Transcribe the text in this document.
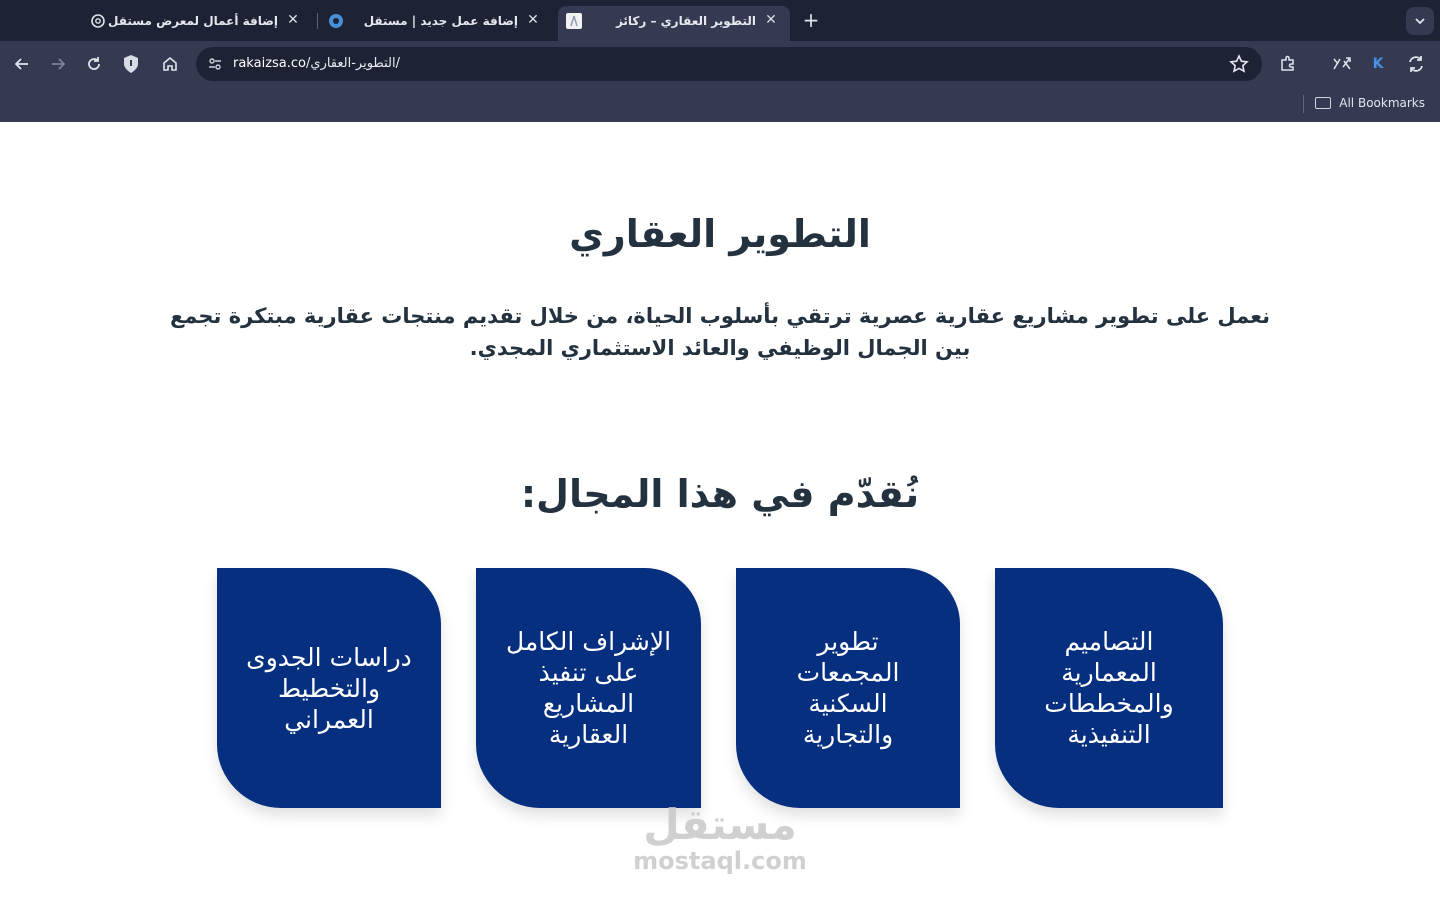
إضافة أعمال لمعرض مستقل ✕	إضافة عمل جديد | مستقل ✕	التطوير العقاري – ركائز ✕ +
rakaizsa.co/التطوير-العقاري/	K
All Bookmarks
التطوير العقاري

نعمل على تطوير مشاريع عقارية عصرية ترتقي بأسلوب الحياة، من خلال تقديم منتجات عقارية مبتكرة تجمع بين الجمال الوظيفي والعائد الاستثماري المجدي.

نُقدّم في هذا المجال:
التصاميم المعمارية والمخططات التنفيذية
تطوير المجمعات السكنية والتجارية
الإشراف الكامل على تنفيذ المشاريع العقارية
دراسات الجدوى والتخطيط العمراني
مستقل
mostaql.com
